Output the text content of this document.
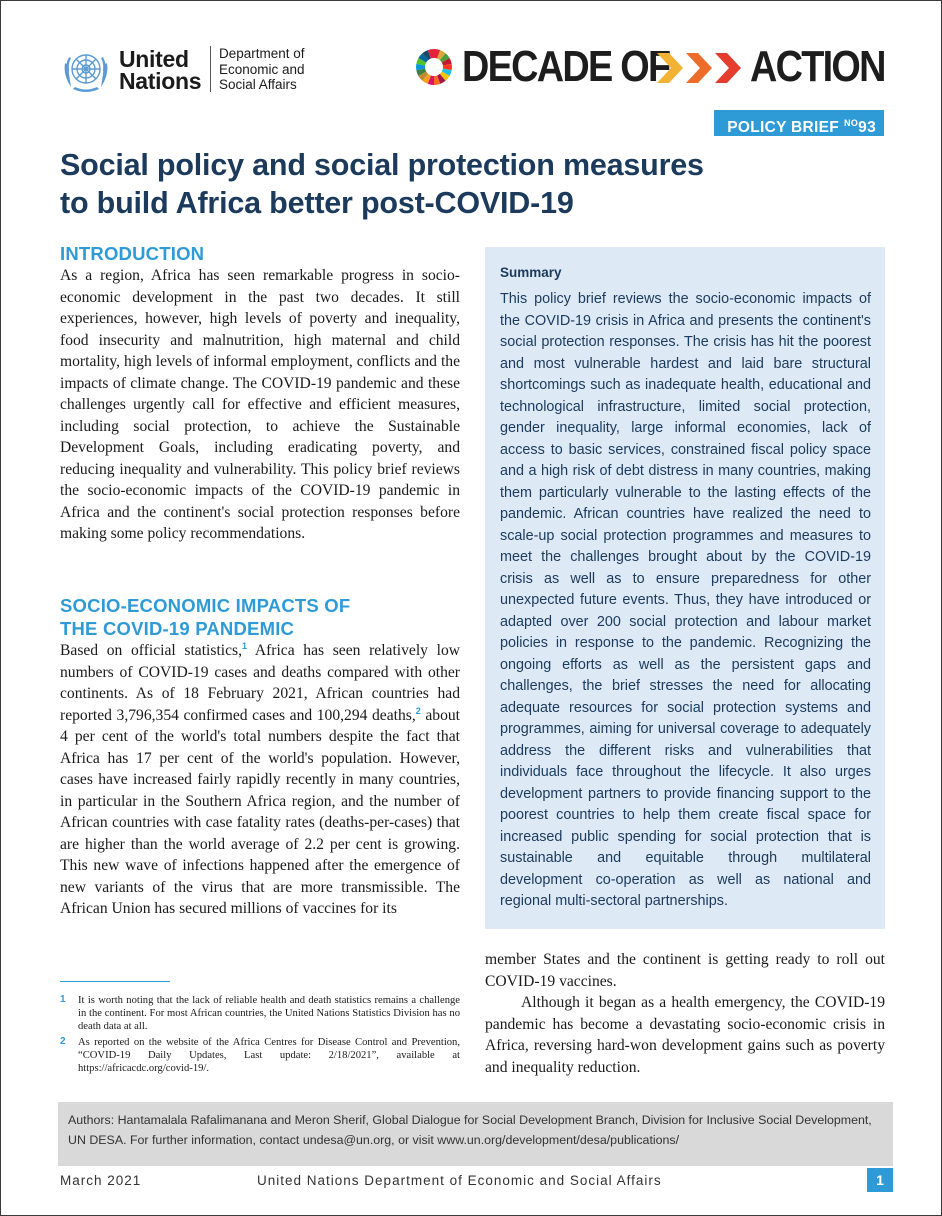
United
Nations
Department of
Economic and
Social Affairs	DECADE OF ACTION
POLICY BRIEF $^{NO}$93
Social policy and social protection measures
to build Africa better post-COVID-19
INTRODUCTION
As a region, Africa has seen remarkable progress in socio-economic development in the past two decades. It still experiences, however, high levels of poverty and inequality, food insecurity and malnutrition, high maternal and child mortality, high levels of informal employment, conflicts and the impacts of climate change. The COVID-19 pandemic and these challenges urgently call for effective and efficient measures, including social protection, to achieve the Sustainable Development Goals, including eradicating poverty, and reducing inequality and vulnerability. This policy brief reviews the socio-economic impacts of the COVID-19 pandemic in Africa and the continent's social protection responses before making some policy recommendations.
SOCIO-ECONOMIC IMPACTS OF
THE COVID-19 PANDEMIC
Based on official statistics,$^1$ Africa has seen relatively low numbers of COVID-19 cases and deaths compared with other continents. As of 18 February 2021, African countries had reported 3,796,354 confirmed cases and 100,294 deaths,$^2$ about 4 per cent of the world's total numbers despite the fact that Africa has 17 per cent of the world's population. However, cases have increased fairly rapidly recently in many countries, in particular in the Southern Africa region, and the number of African countries with case fatality rates (deaths-per-cases) that are higher than the world average of 2.2 per cent is growing. This new wave of infections happened after the emergence of new variants of the virus that are more transmissible. The African Union has secured millions of vaccines for its
1	It is worth noting that the lack of reliable health and death statistics remains a challenge in the continent. For most African countries, the United Nations Statistics Division has no death data at all.
2	As reported on the website of the Africa Centres for Disease Control and Prevention, “COVID-19 Daily Updates, Last update: 2/18/2021”, available at https://africacdc.org/covid-19/.
Summary
This policy brief reviews the socio-economic impacts of the COVID-19 crisis in Africa and presents the continent's social protection responses. The crisis has hit the poorest and most vulnerable hardest and laid bare structural shortcomings such as inadequate health, educational and technological infrastructure, limited social protection, gender inequality, large informal economies, lack of access to basic services, constrained fiscal policy space and a high risk of debt distress in many countries, making them particularly vulnerable to the lasting effects of the pandemic. African countries have realized the need to scale-up social protection programmes and measures to meet the challenges brought about by the COVID-19 crisis as well as to ensure preparedness for other unexpected future events. Thus, they have introduced or adapted over 200 social protection and labour market policies in response to the pandemic. Recognizing the ongoing efforts as well as the persistent gaps and challenges, the brief stresses the need for allocating adequate resources for social protection systems and programmes, aiming for universal coverage to adequately address the different risks and vulnerabilities that individuals face throughout the lifecycle. It also urges development partners to provide financing support to the poorest countries to help them create fiscal space for increased public spending for social protection that is sustainable and equitable through multilateral development co-operation as well as national and regional multi-sectoral partnerships.
member States and the continent is getting ready to roll out COVID-19 vaccines.
Although it began as a health emergency, the COVID-19 pandemic has become a devastating socio-economic crisis in Africa, reversing hard-won development gains such as poverty and inequality reduction.
Authors: Hantamalala Rafalimanana and Meron Sherif, Global Dialogue for Social Development Branch, Division for Inclusive Social Development, UN DESA. For further information, contact undesa@un.org, or visit www.un.org/development/desa/publications/
March 2021	United Nations Department of Economic and Social Affairs	1
